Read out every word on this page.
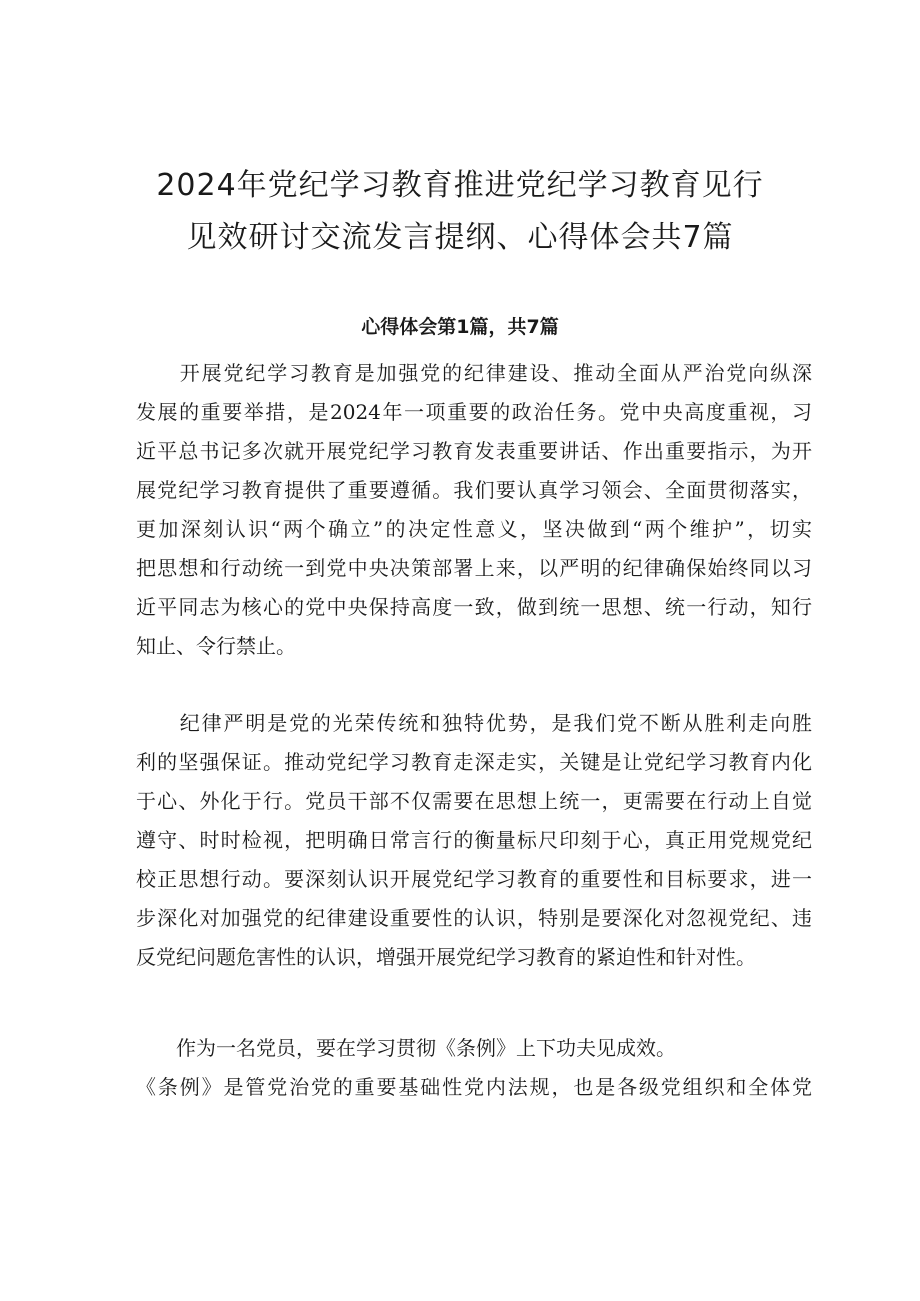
2024年党纪学习教育推进党纪学习教育见行
见效研讨交流发言提纲、心得体会共7篇
心得体会第1篇，共7篇

　　开展党纪学习教育是加强党的纪律建设、推动全面从严治党向纵深
发展的重要举措，是2024年一项重要的政治任务。党中央高度重视，习
近平总书记多次就开展党纪学习教育发表重要讲话、作出重要指示，为开
展党纪学习教育提供了重要遵循。我们要认真学习领会、全面贯彻落实，
更加深刻认识“两个确立”的决定性意义，坚决做到“两个维护”，切实
把思想和行动统一到党中央决策部署上来，以严明的纪律确保始终同以习
近平同志为核心的党中央保持高度一致，做到统一思想、统一行动，知行
知止、令行禁止。

　　纪律严明是党的光荣传统和独特优势，是我们党不断从胜利走向胜
利的坚强保证。推动党纪学习教育走深走实，关键是让党纪学习教育内化
于心、外化于行。党员干部不仅需要在思想上统一，更需要在行动上自觉
遵守、时时检视，把明确日常言行的衡量标尺印刻于心，真正用党规党纪
校正思想行动。要深刻认识开展党纪学习教育的重要性和目标要求，进一
步深化对加强党的纪律建设重要性的认识，特别是要深化对忽视党纪、违
反党纪问题危害性的认识，增强开展党纪学习教育的紧迫性和针对性。

　　作为一名党员，要在学习贯彻《条例》上下功夫见成效。
《条例》是管党治党的重要基础性党内法规，也是各级党组织和全体党
